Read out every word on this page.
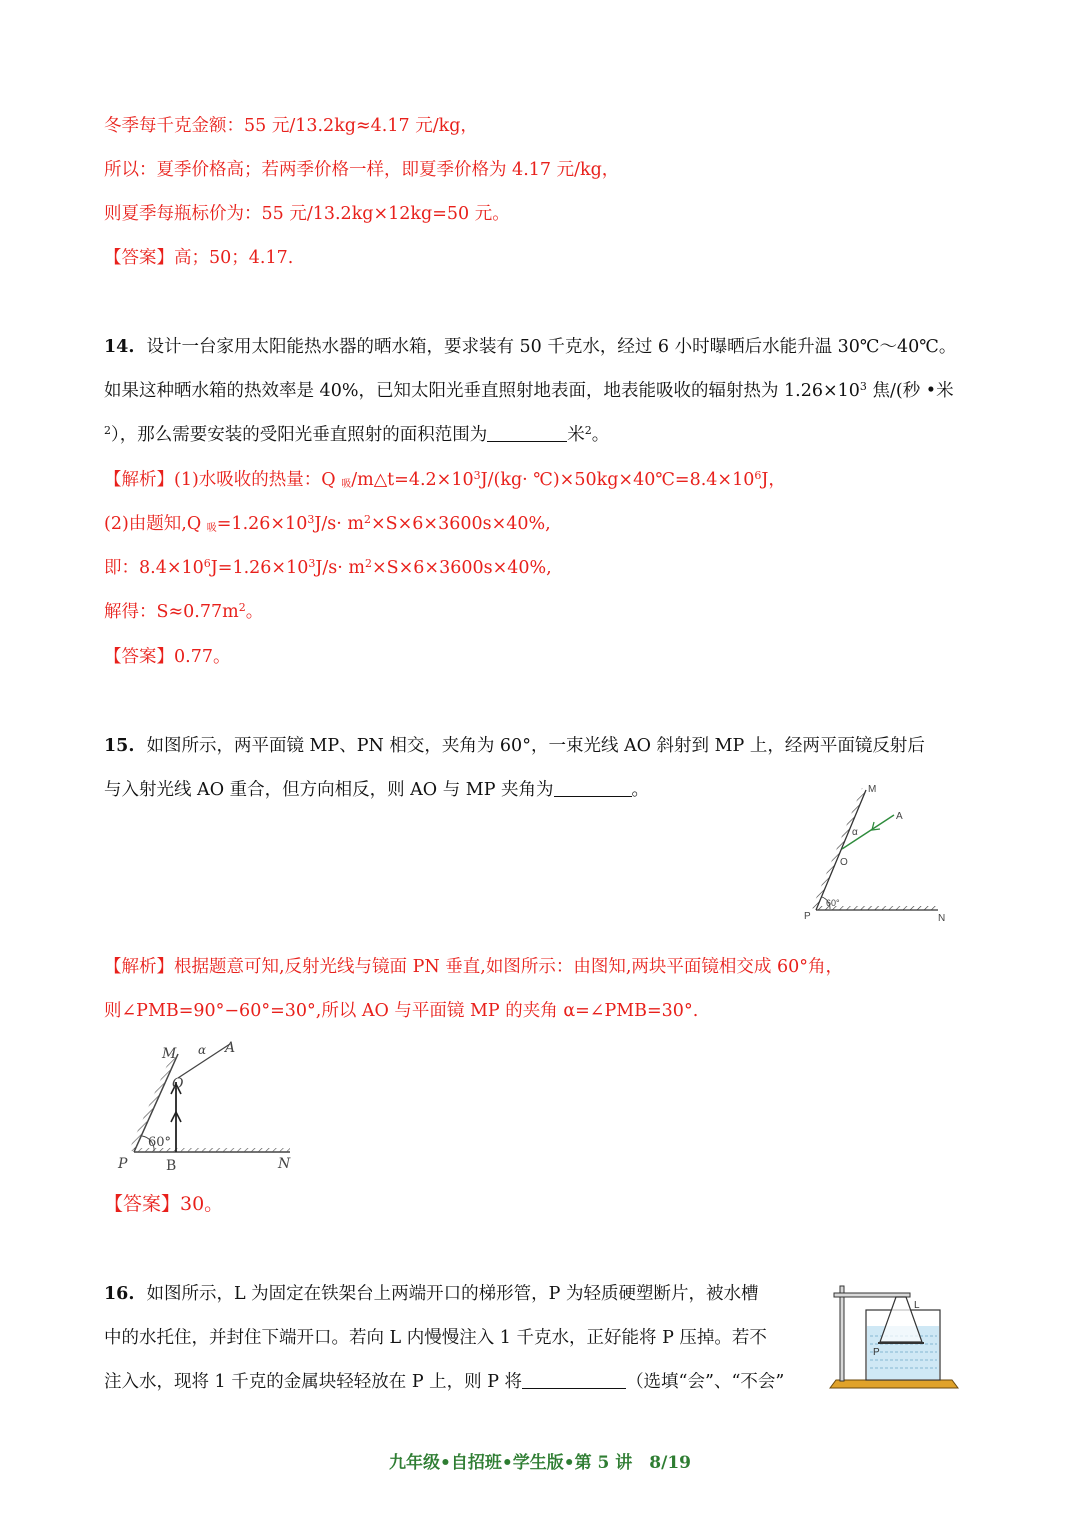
冬季每千克金额：55 元/13.2kg≈4.17 元/kg，
所以：夏季价格高；若两季价格一样，即夏季价格为 4.17 元/kg，
则夏季每瓶标价为：55 元/13.2kg×12kg=50 元。
【答案】高；50；4.17.
14. 设计一台家用太阳能热水器的晒水箱，要求装有 50 千克水，经过 6 小时曝晒后水能升温 30℃～40℃。
如果这种晒水箱的热效率是 40%，已知太阳光垂直照射地表面，地表能吸收的辐射热为 $1.26\times 10^3$ 焦/(秒 •米
$^2$），那么需要安装的受阳光垂直照射的面积范围为	米$^2$。
【解析】(1)水吸收的热量：Q $_吸/m\triangle t=4.2\times 10^3J/(kg\cdot$ $℃)\times 50kg\times 40℃=8.4\times 10^6J$，
(2)由题知,Q $_吸=1.26\times 10^3J/s\cdot m^2\times S\times 6\times 3600s\times 40\%$,
即：$8.4\times 10^6J=1.26\times 10^3J/s\cdot m^2\times S\times 6\times 3600s\times 40\%$,
解得：$S\approx 0.77m^2$。
【答案】0.77。
15. 如图所示，两平面镜 MP、PN 相交，夹角为 60°，一束光线 AO 斜射到 MP 上，经两平面镜反射后
与入射光线 AO 重合，但方向相反，则 AO 与 MP 夹角为	。	M
A
α
O
60°
P	N
【解析】根据题意可知,反射光线与镜面 PN 垂直,如图所示：由图知,两块平面镜相交成 60°角，
则∠PMB=90°−60°=30°,所以 AO 与平面镜 MP 的夹角 α=∠PMB=30°.
M α A
O
60°
P	B	N
【答案】30。
16. 如图所示，L 为固定在铁架台上两端开口的梯形管，P 为轻质硬塑断片，被水槽
中的水托住，并封住下端开口。若向 L 内慢慢注入 1 千克水，正好能将 P 压掉。若不
注入水，现将 1 千克的金属块轻轻放在 P 上，则 P 将	（选填“会”、“不会”
L
P
九年级•自招班•学生版•第 5 讲　8/19
